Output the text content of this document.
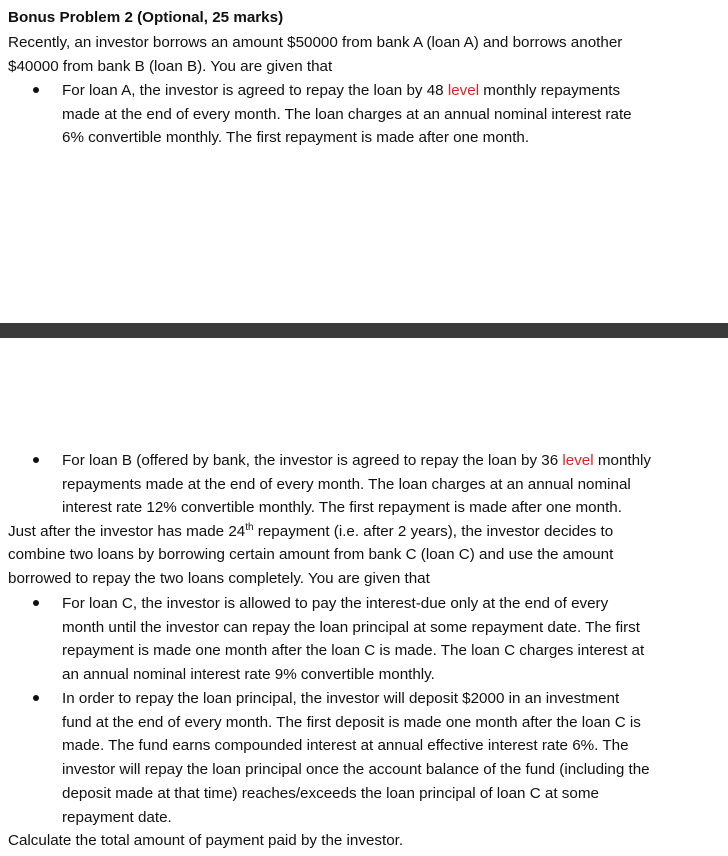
Bonus Problem 2 (Optional, 25 marks)
Recently, an investor borrows an amount $50000 from bank A (loan A) and borrows another
$40000 from bank B (loan B). You are given that
For loan A, the investor is agreed to repay the loan by 48 level monthly repayments
made at the end of every month. The loan charges at an annual nominal interest rate
6% convertible monthly. The first repayment is made after one month.
For loan B (offered by bank, the investor is agreed to repay the loan by 36 level monthly
repayments made at the end of every month. The loan charges at an annual nominal
interest rate 12% convertible monthly. The first repayment is made after one month.
Just after the investor has made 24th repayment (i.e. after 2 years), the investor decides to
combine two loans by borrowing certain amount from bank C (loan C) and use the amount
borrowed to repay the two loans completely. You are given that
For loan C, the investor is allowed to pay the interest-due only at the end of every
month until the investor can repay the loan principal at some repayment date. The first
repayment is made one month after the loan C is made. The loan C charges interest at
an annual nominal interest rate 9% convertible monthly.
In order to repay the loan principal, the investor will deposit $2000 in an investment
fund at the end of every month. The first deposit is made one month after the loan C is
made. The fund earns compounded interest at annual effective interest rate 6%. The
investor will repay the loan principal once the account balance of the fund (including the
deposit made at that time) reaches/exceeds the loan principal of loan C at some
repayment date.
Calculate the total amount of payment paid by the investor.
